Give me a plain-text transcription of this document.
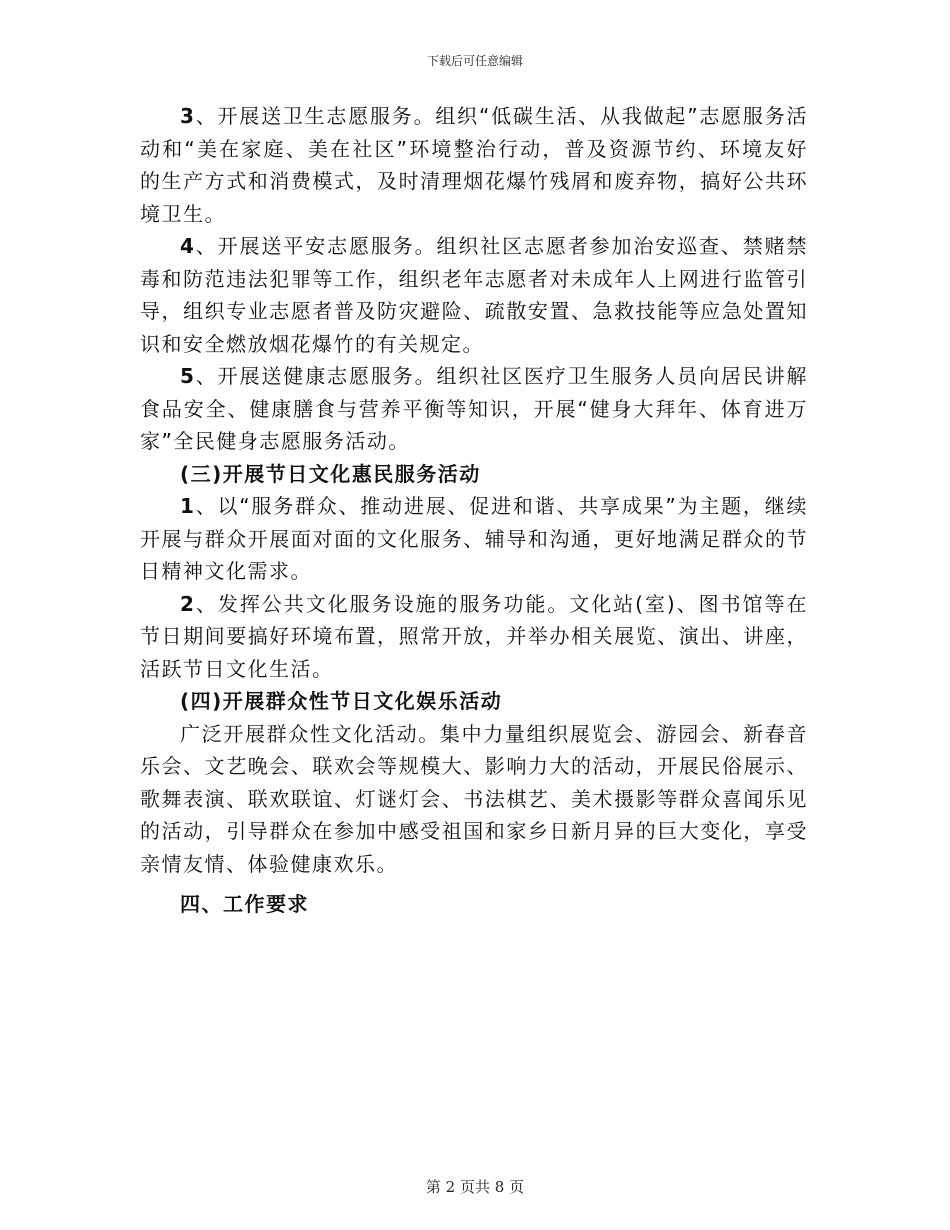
下载后可任意编辑

3、开展送卫生志愿服务。组织“低碳生活、从我做起”志愿服务活动和“美在家庭、美在社区”环境整治行动，普及资源节约、环境友好的生产方式和消费模式，及时清理烟花爆竹残屑和废弃物，搞好公共环境卫生。

4、开展送平安志愿服务。组织社区志愿者参加治安巡查、禁赌禁毒和防范违法犯罪等工作，组织老年志愿者对未成年人上网进行监管引导，组织专业志愿者普及防灾避险、疏散安置、急救技能等应急处置知识和安全燃放烟花爆竹的有关规定。

5、开展送健康志愿服务。组织社区医疗卫生服务人员向居民讲解食品安全、健康膳食与营养平衡等知识，开展“健身大拜年、体育进万家”全民健身志愿服务活动。

(三)开展节日文化惠民服务活动

1、以“服务群众、推动进展、促进和谐、共享成果”为主题，继续开展与群众开展面对面的文化服务、辅导和沟通，更好地满足群众的节日精神文化需求。

2、发挥公共文化服务设施的服务功能。文化站(室)、图书馆等在节日期间要搞好环境布置，照常开放，并举办相关展览、演出、讲座，活跃节日文化生活。

(四)开展群众性节日文化娱乐活动

广泛开展群众性文化活动。集中力量组织展览会、游园会、新春音乐会、文艺晚会、联欢会等规模大、影响力大的活动，开展民俗展示、歌舞表演、联欢联谊、灯谜灯会、书法棋艺、美术摄影等群众喜闻乐见的活动，引导群众在参加中感受祖国和家乡日新月异的巨大变化，享受亲情友情、体验健康欢乐。

四、工作要求

第 2 页共 8 页
